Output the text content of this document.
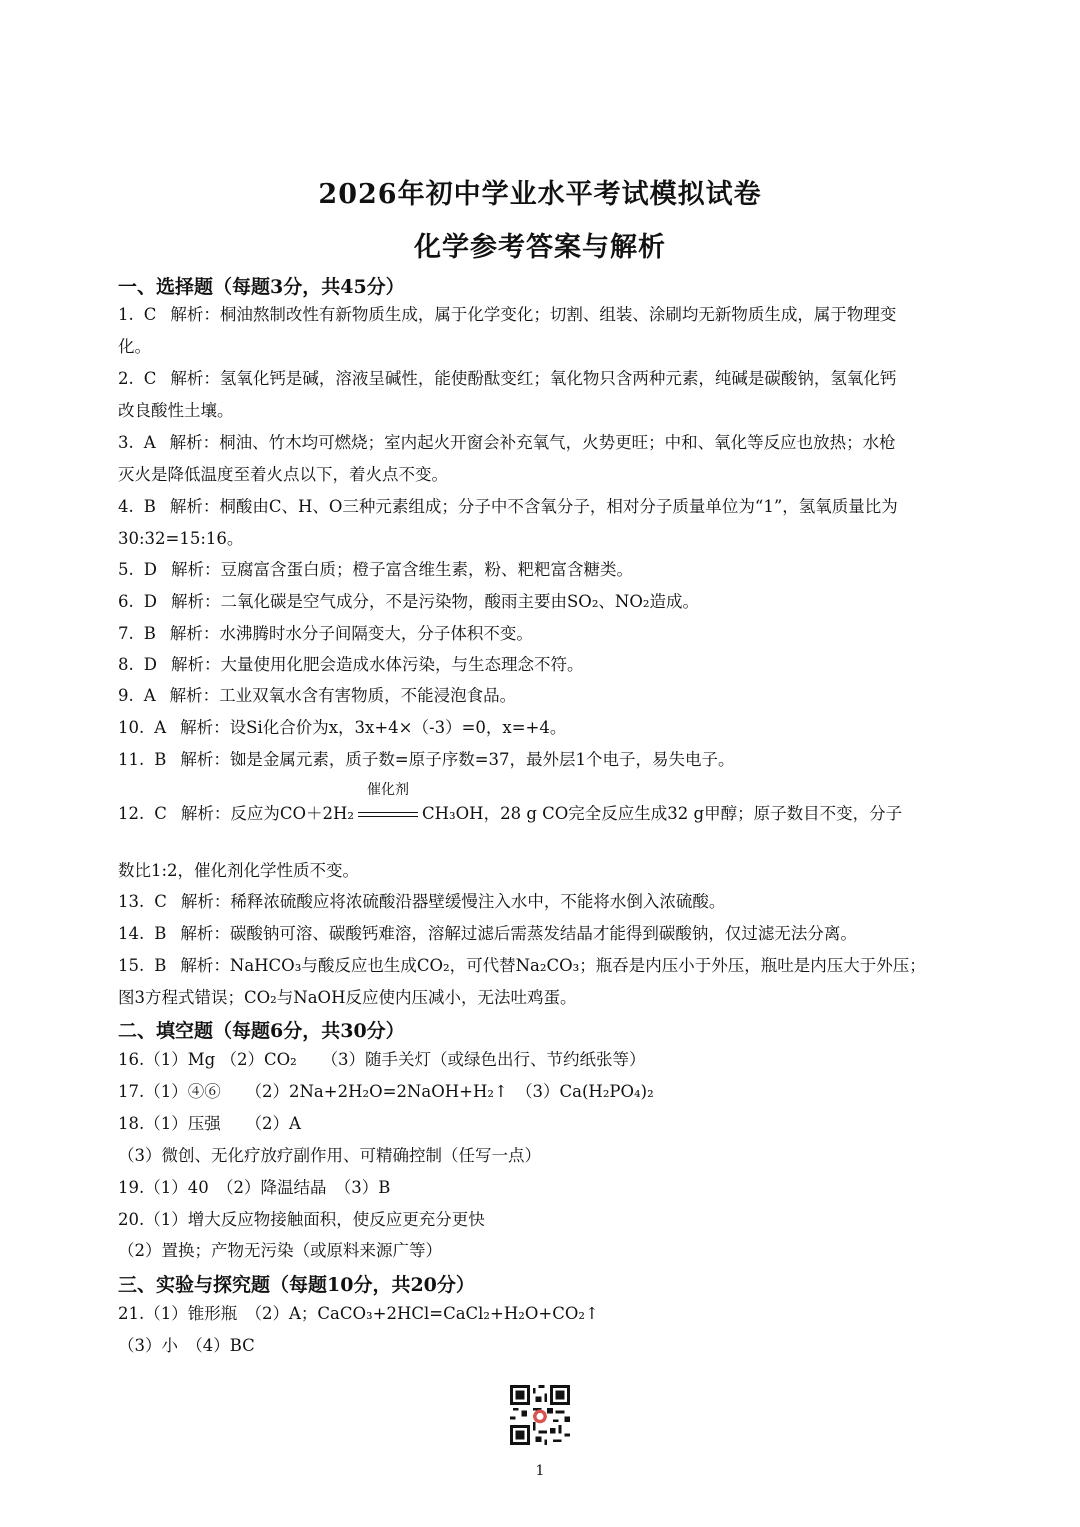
2026年初中学业水平考试模拟试卷
化学参考答案与解析
一、选择题（每题3分，共45分）
1. C 解析：桐油熬制改性有新物质生成，属于化学变化；切割、组装、涂刷均无新物质生成，属于物理变
化。
2. C 解析：氢氧化钙是碱，溶液呈碱性，能使酚酞变红；氧化物只含两种元素，纯碱是碳酸钠，氢氧化钙
改良酸性土壤。
3. A 解析：桐油、竹木均可燃烧；室内起火开窗会补充氧气，火势更旺；中和、氧化等反应也放热；水枪
灭火是降低温度至着火点以下，着火点不变。
4. B 解析：桐酸由C、H、O三种元素组成；分子中不含氧分子，相对分子质量单位为“1”，氢氧质量比为
30:32=15:16。
5. D 解析：豆腐富含蛋白质；橙子富含维生素，粉、粑粑富含糖类。
6. D 解析：二氧化碳是空气成分，不是污染物，酸雨主要由SO₂、NO₂造成。
7. B 解析：水沸腾时水分子间隔变大，分子体积不变。
8. D 解析：大量使用化肥会造成水体污染，与生态理念不符。
9. A 解析：工业双氧水含有害物质，不能浸泡食品。
10. A 解析：设Si化合价为x，3x+4×（-3）=0，x=+4。
11. B 解析：铷是金属元素，质子数=原子序数=37，最外层1个电子，易失电子。
12. C 解析：反应为CO＋2H₂
催化剂
CH₃OH，28 g CO完全反应生成32 g甲醇；原子数目不变，分子
数比1:2，催化剂化学性质不变。
13. C 解析：稀释浓硫酸应将浓硫酸沿器壁缓慢注入水中，不能将水倒入浓硫酸。
14. B 解析：碳酸钠可溶、碳酸钙难溶，溶解过滤后需蒸发结晶才能得到碳酸钠，仅过滤无法分离。
15. B 解析：NaHCO₃与酸反应也生成CO₂，可代替Na₂CO₃；瓶吞是内压小于外压，瓶吐是内压大于外压；
图3方程式错误；CO₂与NaOH反应使内压减小，无法吐鸡蛋。
二、填空题（每题6分，共30分）
16.（1）Mg （2）CO₂　　（3）随手关灯（或绿色出行、节约纸张等）
17.（1）④⑥　　（2）2Na+2H₂O=2NaOH+H₂↑　（3）Ca(H₂PO₄)₂
18.（1）压强　　（2）A
（3）微创、无化疗放疗副作用、可精确控制（任写一点）
19.（1）40　（2）降温结晶　（3）B
20.（1）增大反应物接触面积，使反应更充分更快
（2）置换；产物无污染（或原料来源广等）
三、实验与探究题（每题10分，共20分）
21.（1）锥形瓶　（2）A；CaCO₃+2HCl=CaCl₂+H₂O+CO₂↑
（3）小　（4）BC
1
